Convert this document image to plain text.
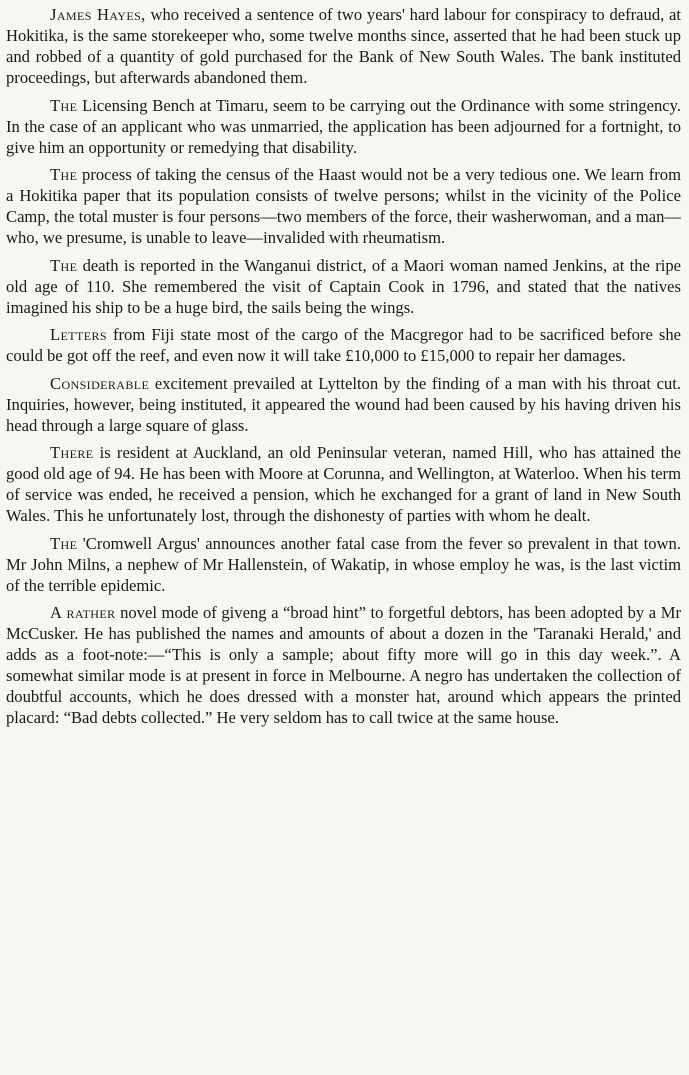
James Hayes, who received a sentence of two years' hard labour for conspiracy to defraud, at Hokitika, is the same storekeeper who, some twelve months since, asserted that he had been stuck up and robbed of a quantity of gold purchased for the Bank of New South Wales. The bank instituted proceedings, but afterwards abandoned them.

The Licensing Bench at Timaru, seem to be carrying out the Ordinance with some stringency. In the case of an applicant who was unmarried, the application has been adjourned for a fortnight, to give him an opportunity or remedying that disability.

The process of taking the census of the Haast would not be a very tedious one. We learn from a Hokitika paper that its population consists of twelve persons; whilst in the vicinity of the Police Camp, the total muster is four persons—two members of the force, their washerwoman, and a man—who, we presume, is unable to leave—invalided with rheumatism.

The death is reported in the Wanganui district, of a Maori woman named Jenkins, at the ripe old age of 110. She remembered the visit of Captain Cook in 1796, and stated that the natives imagined his ship to be a huge bird, the sails being the wings.

Letters from Fiji state most of the cargo of the Macgregor had to be sacrificed before she could be got off the reef, and even now it will take £10,000 to £15,000 to repair her damages.

Considerable excitement prevailed at Lyttelton by the finding of a man with his throat cut. Inquiries, however, being instituted, it appeared the wound had been caused by his having driven his head through a large square of glass.

There is resident at Auckland, an old Peninsular veteran, named Hill, who has attained the good old age of 94. He has been with Moore at Corunna, and Wellington, at Waterloo. When his term of service was ended, he received a pension, which he exchanged for a grant of land in New South Wales. This he unfortunately lost, through the dishonesty of parties with whom he dealt.

The 'Cromwell Argus' announces another fatal case from the fever so prevalent in that town. Mr John Milns, a nephew of Mr Hallenstein, of Wakatip, in whose employ he was, is the last victim of the terrible epidemic.

A rather novel mode of giveng a “broad hint” to forgetful debtors, has been adopted by a Mr McCusker. He has published the names and amounts of about a dozen in the 'Taranaki Herald,' and adds as a foot-note:—“This is only a sample; about fifty more will go in this day week.”. A somewhat similar mode is at present in force in Melbourne. A negro has undertaken the collection of doubtful accounts, which he does dressed with a monster hat, around which appears the printed placard: “Bad debts collected.” He very seldom has to call twice at the same house.
